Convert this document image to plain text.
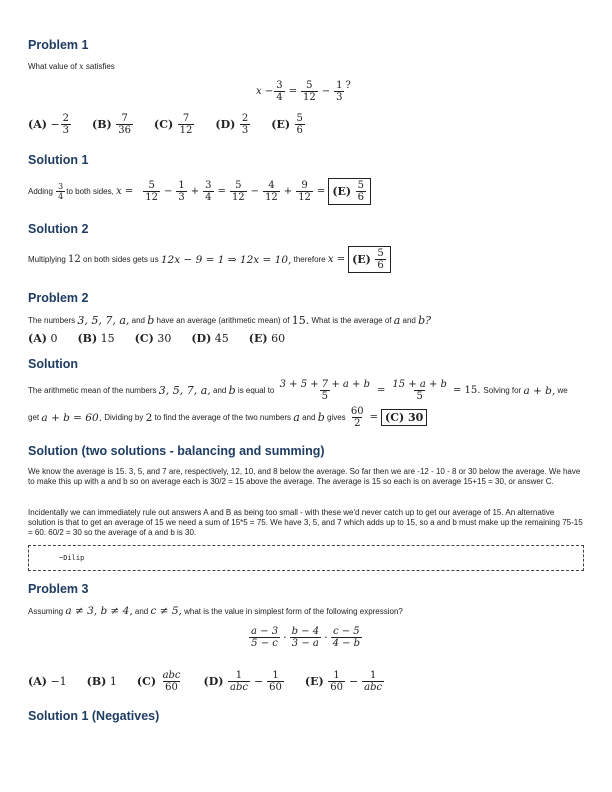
Problem 1
What value of x satisfies
$x - \frac{3}{4} = \frac{5}{12} - \frac{1}{3}$ ?
(A)
− $\frac{2}{3} (B)$
$\frac{7}{36} (C)$
$\frac{7}{12} (D)$
$\frac{2}{3} (E)$
$\frac{5}{6}$
Solution 1
Adding
$\frac{3}{4}$ to both sides,
$x = \frac{5}{12} - \frac{1}{3} + \frac{3}{4} = \frac{5}{12} - \frac{4}{12} + \frac{9}{12} = (E)$
$\frac{5}{6}$
Solution 2
Multiplying
12
on both sides gets us
12x − 9 = 1 ⇒ 12x = 10,
therefore
x = (E)
$\frac{5}{6}$
Problem 2
The numbers
3, 5, 7, a,
and
b
have an average (arithmetic mean) of
15.
What is the average of
a
and
b?
(A) 0 (B) 15 (C) 30 (D) 45 (E) 60
Solution
The arithmetic mean of the numbers
3, 5, 7, a,
and
b
is equal to
$\frac{3 + 5 + 7 + a + b}{5} = \frac{15 + a + b}{5} = 15$. Solving for
a + b,
we
get
a + b = 60.
Dividing by
2
to find the average of the two numbers
a
and
b
gives
$\frac{60}{2} = (C)$ 30
Solution (two solutions - balancing and summing)

We know the average is 15. 3, 5, and 7 are, respectively, 12, 10, and 8 below the average. So far then we are -12 - 10 - 8 or 30 below the average. We have to make this up with a and b so on average each is 30/2 = 15 above the average. The average is 15 so each is on average 15+15 = 30, or answer C.

Incidentally we can immediately rule out answers A and B as being too small - with these we'd never catch up to get our average of 15. An alternative solution is that to get an average of 15 we need a sum of 15*5 = 75. We have 3, 5, and 7 which adds up to 15, so a and b must make up the remaining 75-15 = 60. 60/2 = 30 so the average of a and b is 30.

~Dilip
Problem 3
Assuming
a ≠ 3, b ≠ 4,
and
c ≠ 5,
what is the value in simplest form of the following expression?
$\frac{a - 3}{5 - c} \cdot \frac{b - 4}{3 - a} \cdot \frac{c - 5}{4 - b}$
(A) −1 (B) 1 (C)
$\frac{\text{abc}}{60} (D)$
$\frac{1}{\text{abc}} - \frac{1}{60} (E)$
$\frac{1}{60} - \frac{1}{\text{abc}}$
Solution 1 (Negatives)
